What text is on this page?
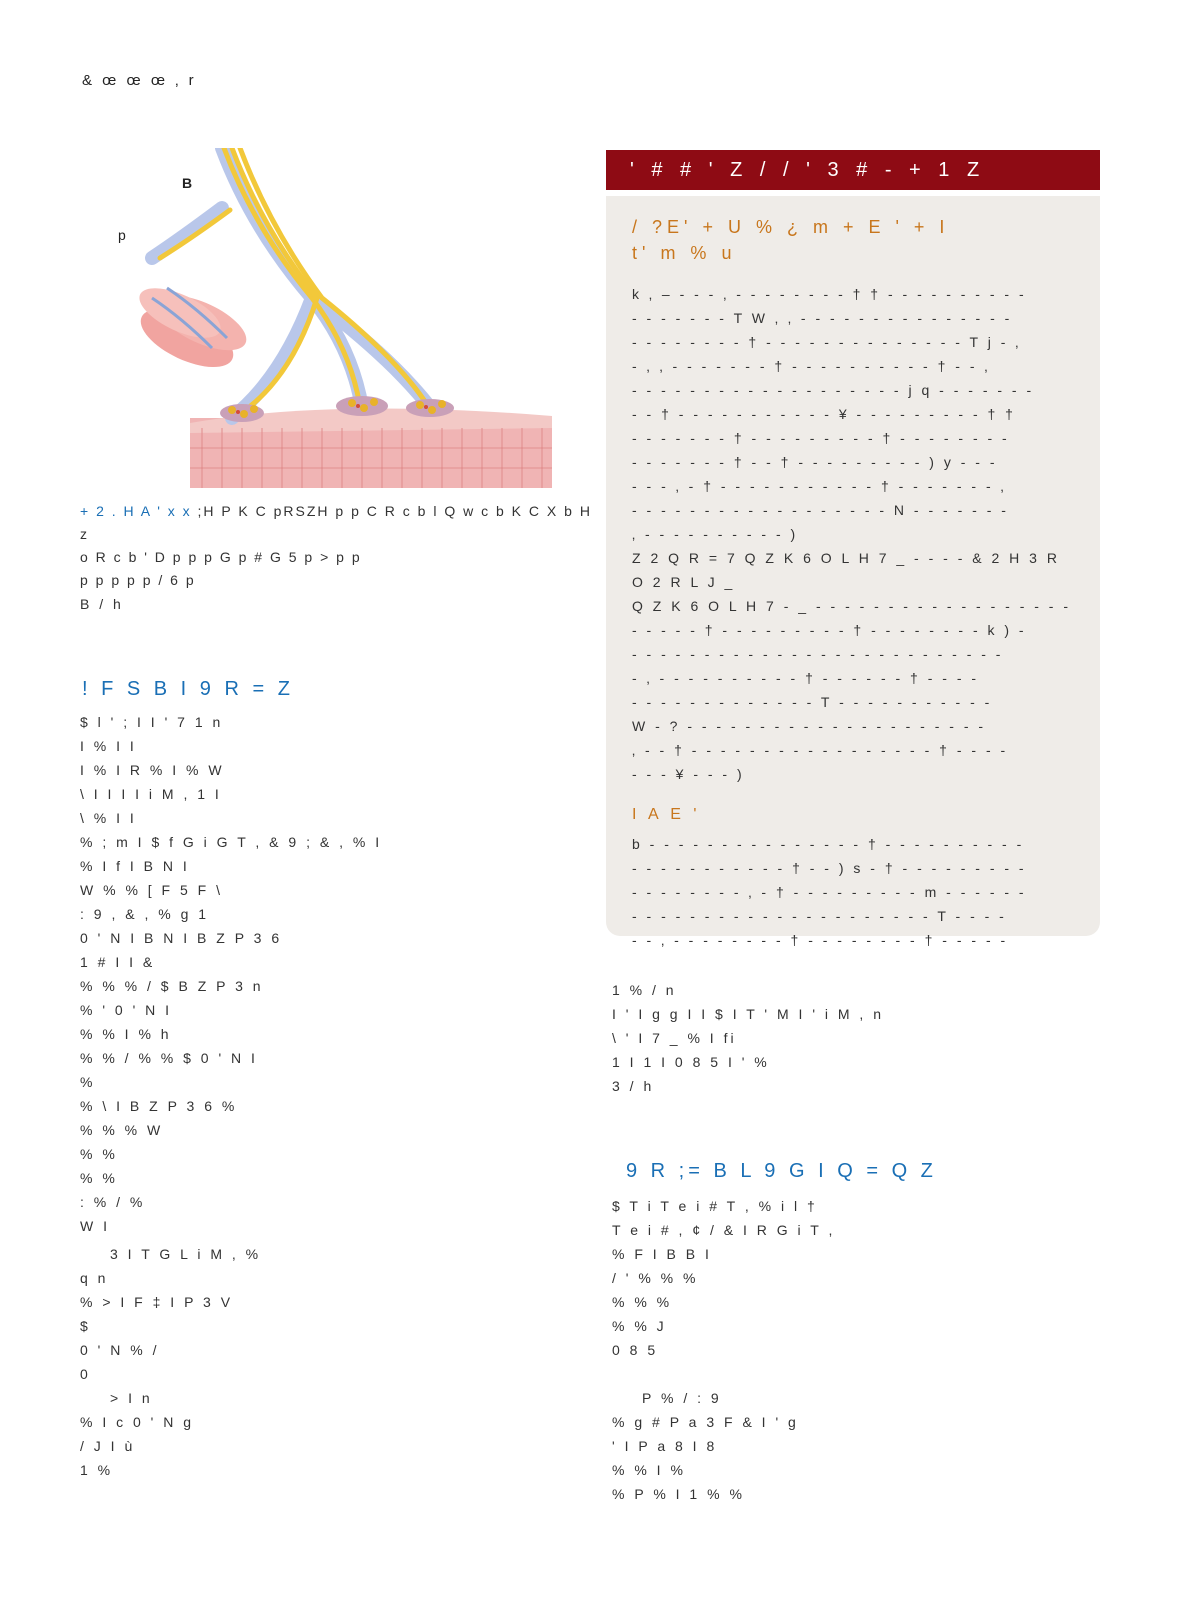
& œ œ œ ‚ r
B
p
+ 2 . H A ' x x ;H P K C pRSZH p p C R c b l Q w c b K C X b H z
o R c b ' D p p p G p # G 5 p > p p
p p p p p / 6 p

B / h

! F S B I 9 R = Z

$ l ' ; I I ' 7 1 n

I % I I

I % I R % I % W

\ I I I I i M , 1 I

\ % I I

% ; m I $ f G i G T , & 9 ; & , % I

% I f I B N I

W % % [ F 5 F \

: 9 , & , % g 1

0 ' N I B N I B Z P 3 6

1 # I I &

% % % / $ B Z P 3 n

% ' 0 ' N I

% % I % h

% % / % % $ 0 ' N I

%

% \ I B Z P 3 6 %

% % % W

% %

% %

: % / %

W I

3 I T G L i M , %

q n

% > I F ‡ I P 3 V

$

0 ' N % /

0

> I n

% I c 0 ' N g

/ J I ù

1 %

' # # ' Z / / ' 3 # - + 1 Z
/ ?E' + U % ¿ m + E ' + I
t' m % u

k ‚ – - - - ‚ - - - - - - - - † † - - - - - - - - - -

- - - - - - - T W ‚ ‚ - - - - - - - - - - - - - - -

- - - - - - - - † - - - - - - - - - - - - - - T j - ‚

- ‚ ‚ - - - - - - - † - - - - - - - - - - † - - ‚

- - - - - - - - - - - - - - - - - - - j q - - - - - - -

- - † - - - - - - - - - - - ¥ - - - - - - - - - † †

- - - - - - - † - - - - - - - - - † - - - - - - - -

- - - - - - - † - - † - - - - - - - - - ) y - - -

- - - ‚ - † - - - - - - - - - - - † - - - - - - - ‚

- - - - - - - - - - - - - - - - - - N - - - - - - -

‚ - - - - - - - - - - )

Z 2 Q R = 7 Q Z K 6 O L H 7 _ - - - - & 2 H 3 R O 2 R L J _

Q Z K 6 O L H 7 - _ - - - - - - - - - - - - - - - - - -

- - - - - † - - - - - - - - - † - - - - - - - - k ) -

- - - - - - - - - - - - - - - - - - - - - - - - - -

- ‚ - - - - - - - - - - † - - - - - - † - - - -

- - - - - - - - - - - - - T - - - - - - - - - - -

W - ? - - - - - - - - - - - - - - - - - - - - -

‚ - - † - - - - - - - - - - - - - - - - - † - - - -

- - - ¥ - - - )

I A E '

b - - - - - - - - - - - - - - - † - - - - - - - - - -

- - - - - - - - - - - † - - ) s - † - - - - - - - - -

- - - - - - - - ‚ - † - - - - - - - - - m - - - - - -

- - - - - - - - - - - - - - - - - - - - - T - - - -

- - ‚ - - - - - - - - † - - - - - - - - † - - - - -

1 % / n

I ' I g g I I $ I T ' M I ' i M , n

\ ' I 7 _ % I fi

1 I 1 I 0 8 5 I ' %

3 / h

9 R ;= B L 9 G I Q = Q Z

$ T i T e i # T , % i l †

T e i # , ¢ / & I R G i T ,

% F I B B I

/ ' % % %

% % %

% % J

0 8 5

P % / : 9

% g # P a 3 F & I ' g

' I P a 8 I 8

% % I %

% P % I 1 % %
